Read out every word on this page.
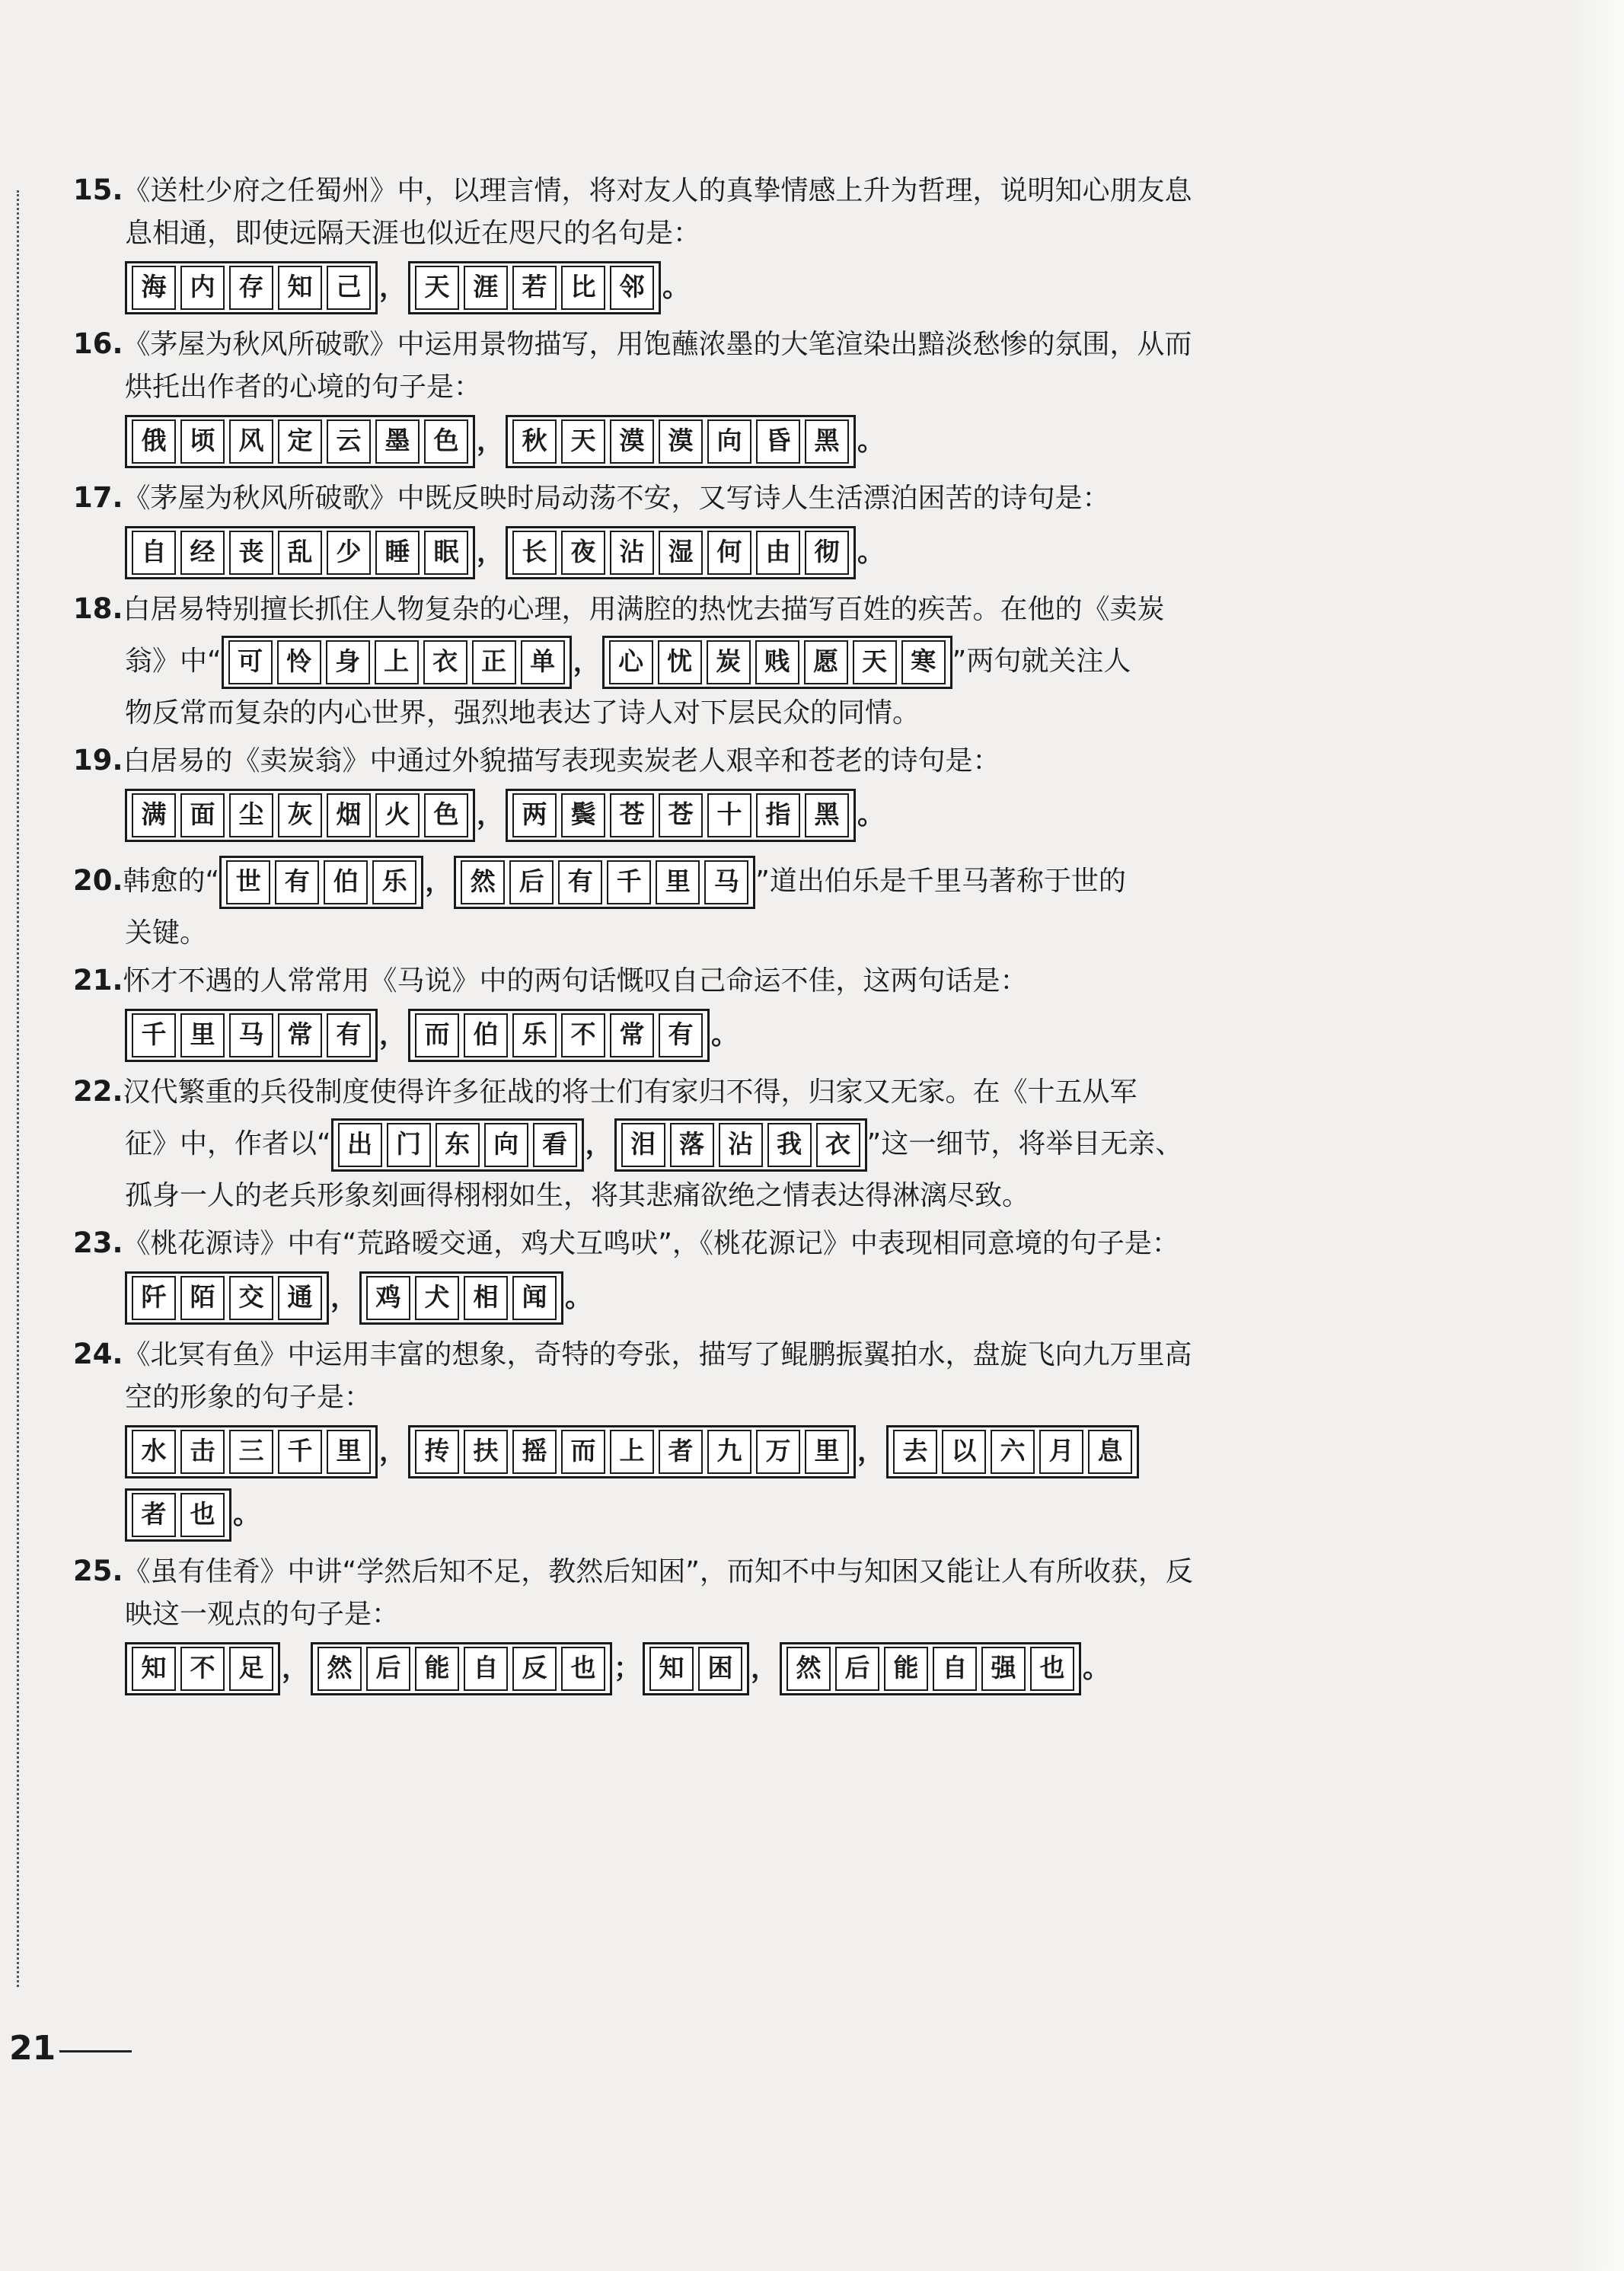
15.《送杜少府之任蜀州》中，以理言情，将对友人的真挚情感上升为哲理，说明知心朋友息
息相通，即使远隔天涯也似近在咫尺的名句是：
海 内 存 知 己 ， 天 涯 若 比 邻 。
16.《茅屋为秋风所破歌》中运用景物描写，用饱蘸浓墨的大笔渲染出黯淡愁惨的氛围，从而
烘托出作者的心境的句子是：
俄 顷 风 定 云 墨 色 ， 秋 天 漠 漠 向 昏 黑 。
17.《茅屋为秋风所破歌》中既反映时局动荡不安，又写诗人生活漂泊困苦的诗句是：
自 经 丧 乱 少 睡 眠 ， 长 夜 沾 湿 何 由 彻 。
18.白居易特别擅长抓住人物复杂的心理，用满腔的热忱去描写百姓的疾苦。在他的《卖炭
翁》中“ 可 怜 身 上 衣 正 单 ， 心 忧 炭 贱 愿 天 寒 ”两句就关注人
物反常而复杂的内心世界，强烈地表达了诗人对下层民众的同情。
19.白居易的《卖炭翁》中通过外貌描写表现卖炭老人艰辛和苍老的诗句是：
满 面 尘 灰 烟 火 色 ， 两 鬓 苍 苍 十 指 黑 。
20.韩愈的“ 世 有 伯 乐 ， 然 后 有 千 里 马 ”道出伯乐是千里马著称于世的
关键。
21.怀才不遇的人常常用《马说》中的两句话慨叹自己命运不佳，这两句话是：
千 里 马 常 有 ， 而 伯 乐 不 常 有 。
22.汉代繁重的兵役制度使得许多征战的将士们有家归不得，归家又无家。在《十五从军
征》中，作者以“ 出 门 东 向 看 ， 泪 落 沾 我 衣 ”这一细节，将举目无亲、
孤身一人的老兵形象刻画得栩栩如生，将其悲痛欲绝之情表达得淋漓尽致。
23.《桃花源诗》中有“荒路暧交通，鸡犬互鸣吠”，《桃花源记》中表现相同意境的句子是：
阡 陌 交 通 ， 鸡 犬 相 闻 。
24.《北冥有鱼》中运用丰富的想象，奇特的夸张，描写了鲲鹏振翼拍水，盘旋飞向九万里高
空的形象的句子是：
水 击 三 千 里 ， 抟 扶 摇 而 上 者 九 万 里 ， 去 以 六 月 息
者 也 。
25.《虽有佳肴》中讲“学然后知不足，教然后知困”，而知不中与知困又能让人有所收获，反
映这一观点的句子是：
知 不 足 ， 然 后 能 自 反 也 ； 知 困 ， 然 后 能 自 强 也 。
21
